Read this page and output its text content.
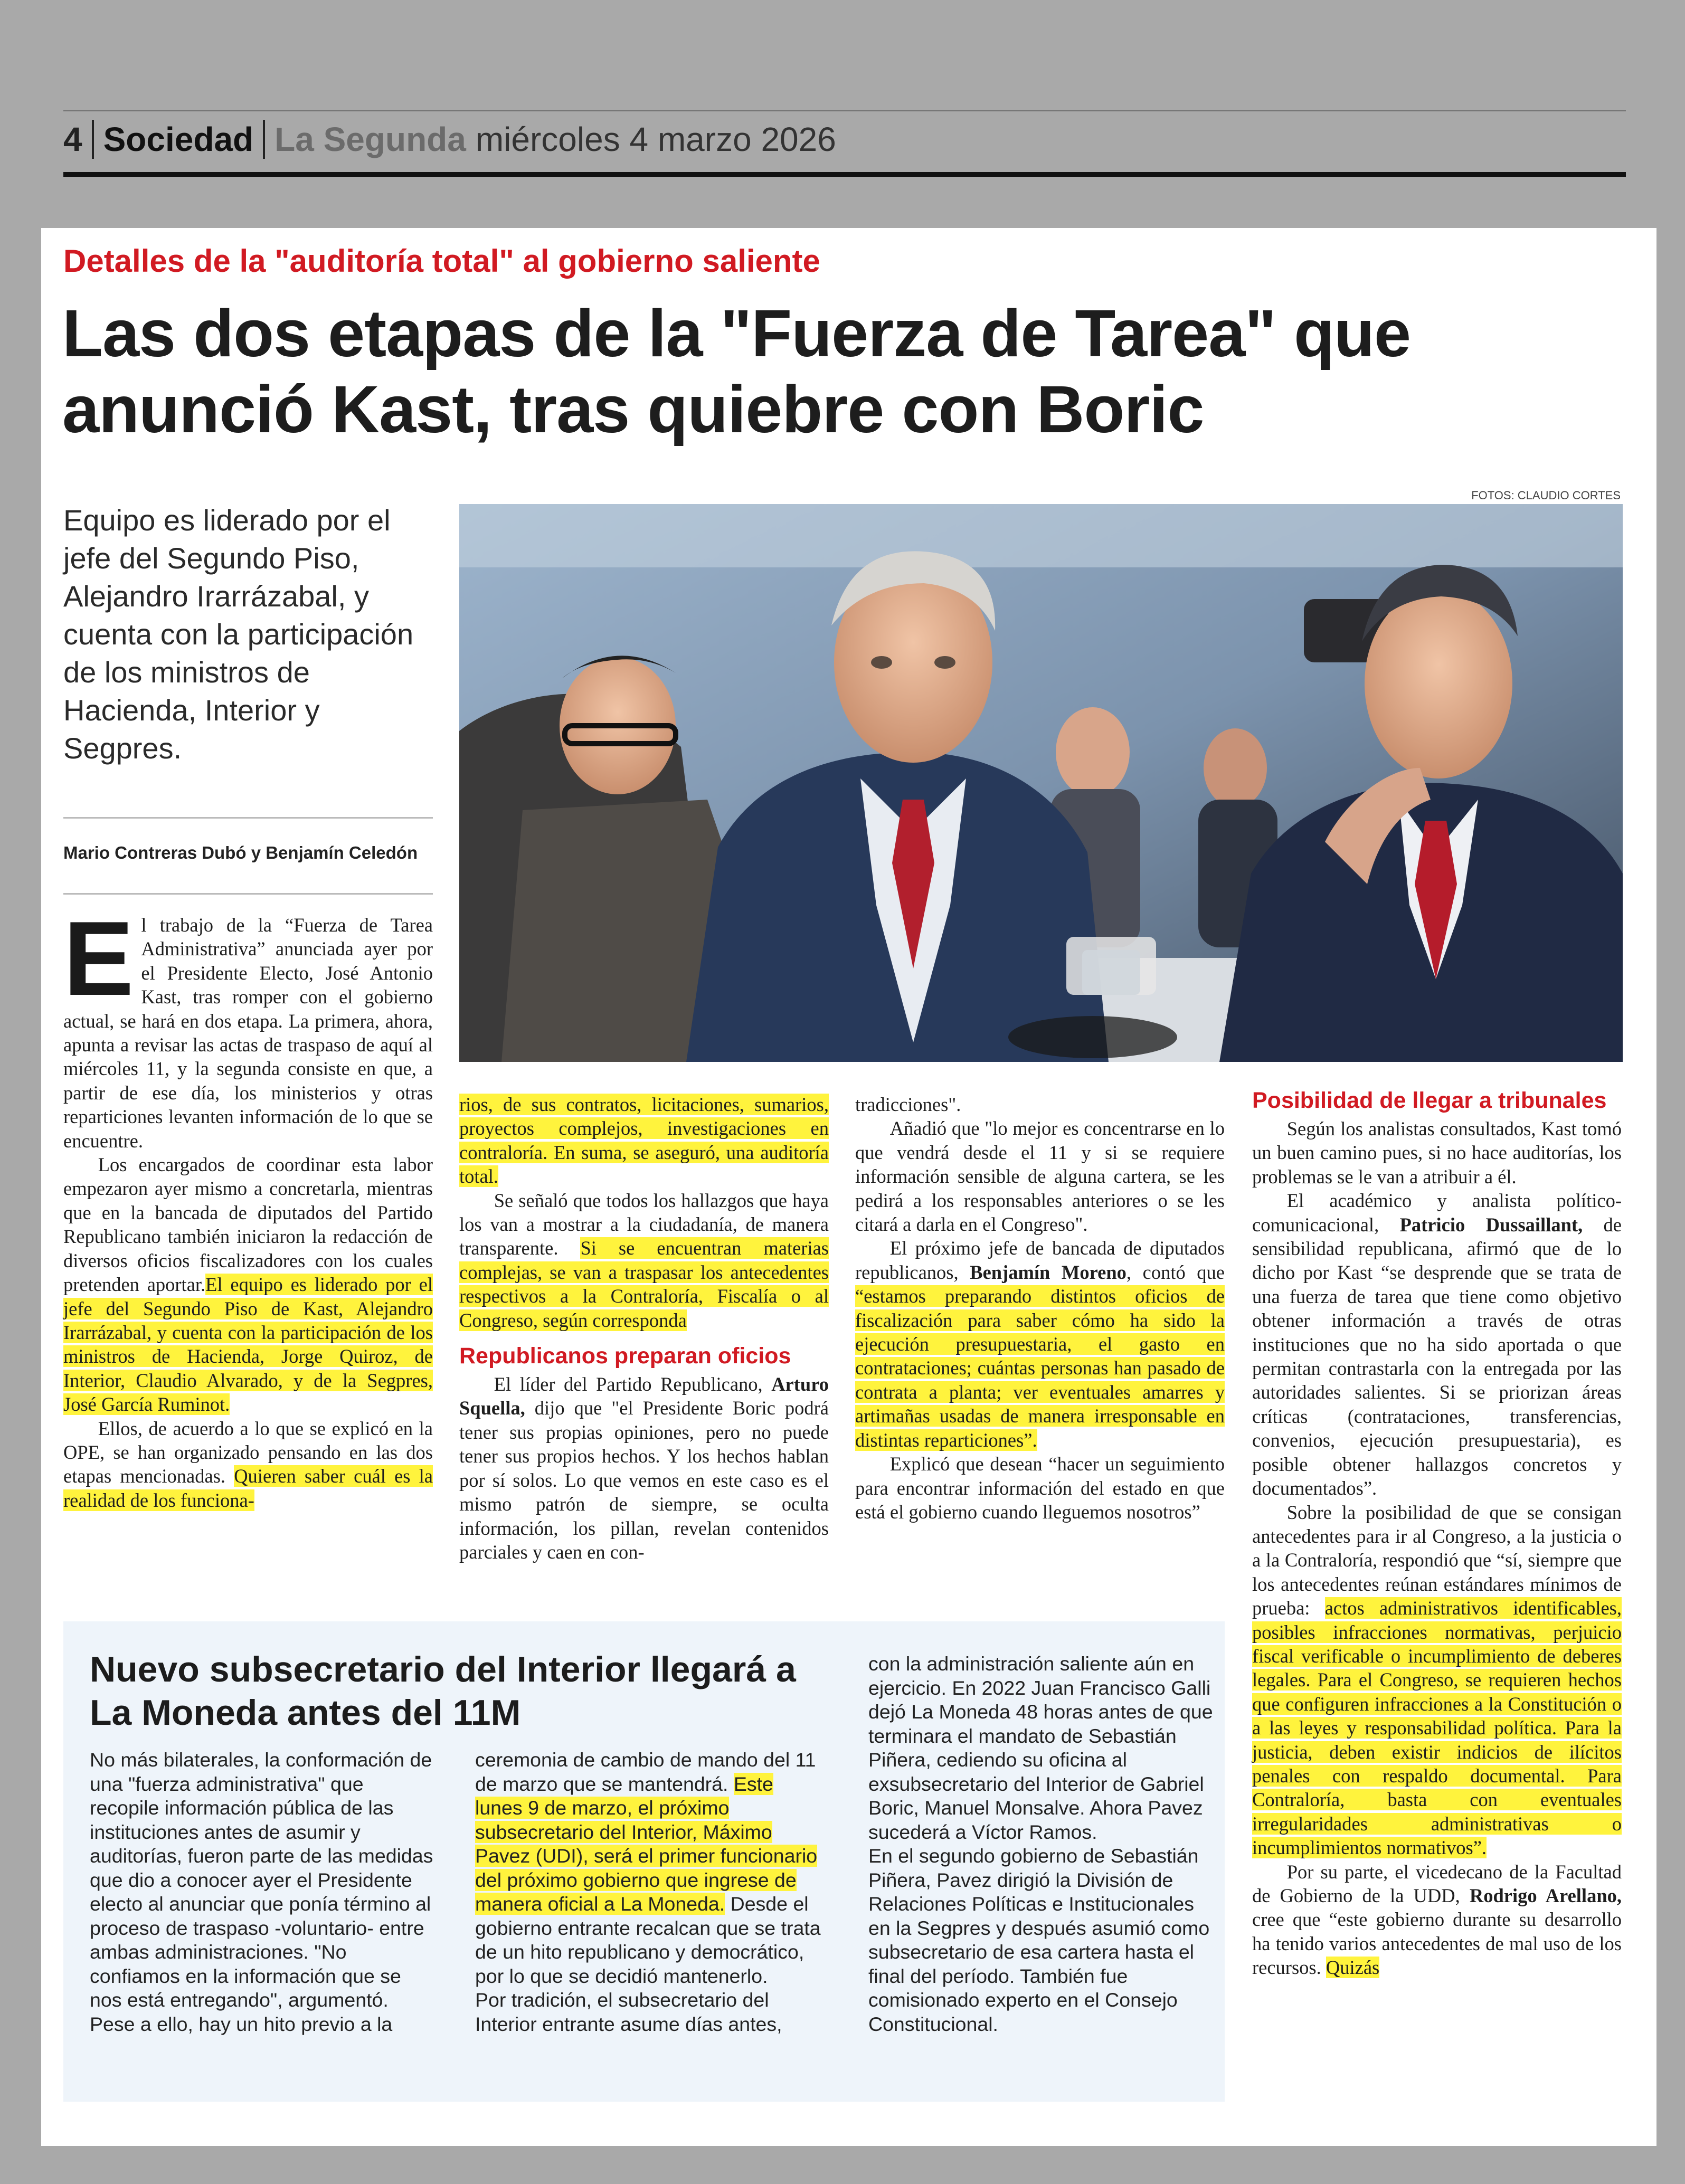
4 Sociedad La Segunda miércoles 4 marzo 2026
Detalles de la "auditoría total" al gobierno saliente
Las dos etapas de la "Fuerza de Tarea" que anunció Kast, tras quiebre con Boric
FOTOS: CLAUDIO CORTES
Equipo es liderado por el jefe del Segundo Piso, Alejandro Irarrázabal, y cuenta con la participación de los ministros de Hacienda, Interior y Segpres.
Mario Contreras Dubó y Benjamín Celedón

E l trabajo de la “Fuerza de Tarea Administrativa” anunciada ayer por el Presidente Electo, José Antonio Kast, tras romper con el gobierno actual, se hará en dos etapa. La primera, ahora, apunta a revisar las actas de traspaso de aquí al miércoles 11, y la segunda consiste en que, a partir de ese día, los ministerios y otras reparticiones levanten información de lo que se encuentre.

Los encargados de coordinar esta labor empezaron ayer mismo a concretarla, mientras que en la bancada de diputados del Partido Republicano también iniciaron la redacción de diversos oficios fiscalizadores con los cuales pretenden aportar.El equipo es liderado por el jefe del Segundo Piso de Kast, Alejandro Irarrázabal, y cuenta con la participación de los ministros de Hacienda, Jorge Quiroz, de Interior, Claudio Alvarado, y de la Segpres, José García Ruminot.

Ellos, de acuerdo a lo que se explicó en la OPE, se han organizado pensando en las dos etapas mencionadas. Quieren saber cuál es la realidad de los funciona-

rios, de sus contratos, licitaciones, sumarios, proyectos complejos, investigaciones en contraloría. En suma, se aseguró, una auditoría total.

Se señaló que todos los hallazgos que haya los van a mostrar a la ciudadanía, de manera transparente. Si se encuentran materias complejas, se van a traspasar los antecedentes respectivos a la Contraloría, Fiscalía o al Congreso, según corresponda

Republicanos preparan oficios

El líder del Partido Republicano, Arturo Squella, dijo que "el Presidente Boric podrá tener sus propias opiniones, pero no puede tener sus propios hechos. Y los hechos hablan por sí solos. Lo que vemos en este caso es el mismo patrón de siempre, se oculta información, los pillan, revelan contenidos parciales y caen en con-

tradicciones".

Añadió que "lo mejor es concentrarse en lo que vendrá desde el 11 y si se requiere información sensible de alguna cartera, se les pedirá a los responsables anteriores o se les citará a darla en el Congreso".

El próximo jefe de bancada de diputados republicanos, Benjamín Moreno, contó que “estamos preparando distintos oficios de fiscalización para saber cómo ha sido la ejecución presupuestaria, el gasto en contrataciones; cuántas personas han pasado de contrata a planta; ver eventuales amarres y artimañas usadas de manera irresponsable en distintas reparticiones”.

Explicó que desean “hacer un seguimiento para encontrar información del estado en que está el gobierno cuando lleguemos nosotros”

Posibilidad de llegar a tribunales

Según los analistas consultados, Kast tomó un buen camino pues, si no hace auditorías, los problemas se le van a atribuir a él.

El académico y analista político-comunicacional, Patricio Dussaillant, de sensibilidad republicana, afirmó que de lo dicho por Kast “se desprende que se trata de una fuerza de tarea que tiene como objetivo obtener información a través de otras instituciones que no ha sido aportada o que permitan contrastarla con la entregada por las autoridades salientes. Si se priorizan áreas críticas (contrataciones, transferencias, convenios, ejecución presupuestaria), es posible obtener hallazgos concretos y documentados”.

Sobre la posibilidad de que se consigan antecedentes para ir al Congreso, a la justicia o a la Contraloría, respondió que “sí, siempre que los antecedentes reúnan estándares mínimos de prueba: actos administrativos identificables, posibles infracciones normativas, perjuicio fiscal verificable o incumplimiento de deberes legales. Para el Congreso, se requieren hechos que configuren infracciones a la Constitución o a las leyes y responsabilidad política. Para la justicia, deben existir indicios de ilícitos penales con respaldo documental. Para Contraloría, basta con eventuales irregularidades administrativas o incumplimientos normativos”.

Por su parte, el vicedecano de la Facultad de Gobierno de la UDD, Rodrigo Arellano, cree que “este gobierno durante su desarrollo ha tenido varios antecedentes de mal uso de los recursos. Quizás

Nuevo subsecretario del Interior llegará a La Moneda antes del 11M

No más bilaterales, la conformación de una "fuerza administrativa" que recopile información pública de las instituciones antes de asumir y auditorías, fueron parte de las medidas que dio a conocer ayer el Presidente electo al anunciar que ponía término al proceso de traspaso -voluntario- entre ambas administraciones. "No confiamos en la información que se nos está entregando", argumentó.

Pese a ello, hay un hito previo a la

ceremonia de cambio de mando del 11 de marzo que se mantendrá. Este lunes 9 de marzo, el próximo subsecretario del Interior, Máximo Pavez (UDI), será el primer funcionario del próximo gobierno que ingrese de manera oficial a La Moneda. Desde el gobierno entrante recalcan que se trata de un hito republicano y democrático, por lo que se decidió mantenerlo.

Por tradición, el subsecretario del Interior entrante asume días antes,

con la administración saliente aún en ejercicio. En 2022 Juan Francisco Galli dejó La Moneda 48 horas antes de que terminara el mandato de Sebastián Piñera, cediendo su oficina al exsubsecretario del Interior de Gabriel Boric, Manuel Monsalve. Ahora Pavez sucederá a Víctor Ramos.

En el segundo gobierno de Sebastián Piñera, Pavez dirigió la División de Relaciones Políticas e Institucionales en la Segpres y después asumió como subsecretario de esa cartera hasta el final del período. También fue comisionado experto en el Consejo Constitucional.
